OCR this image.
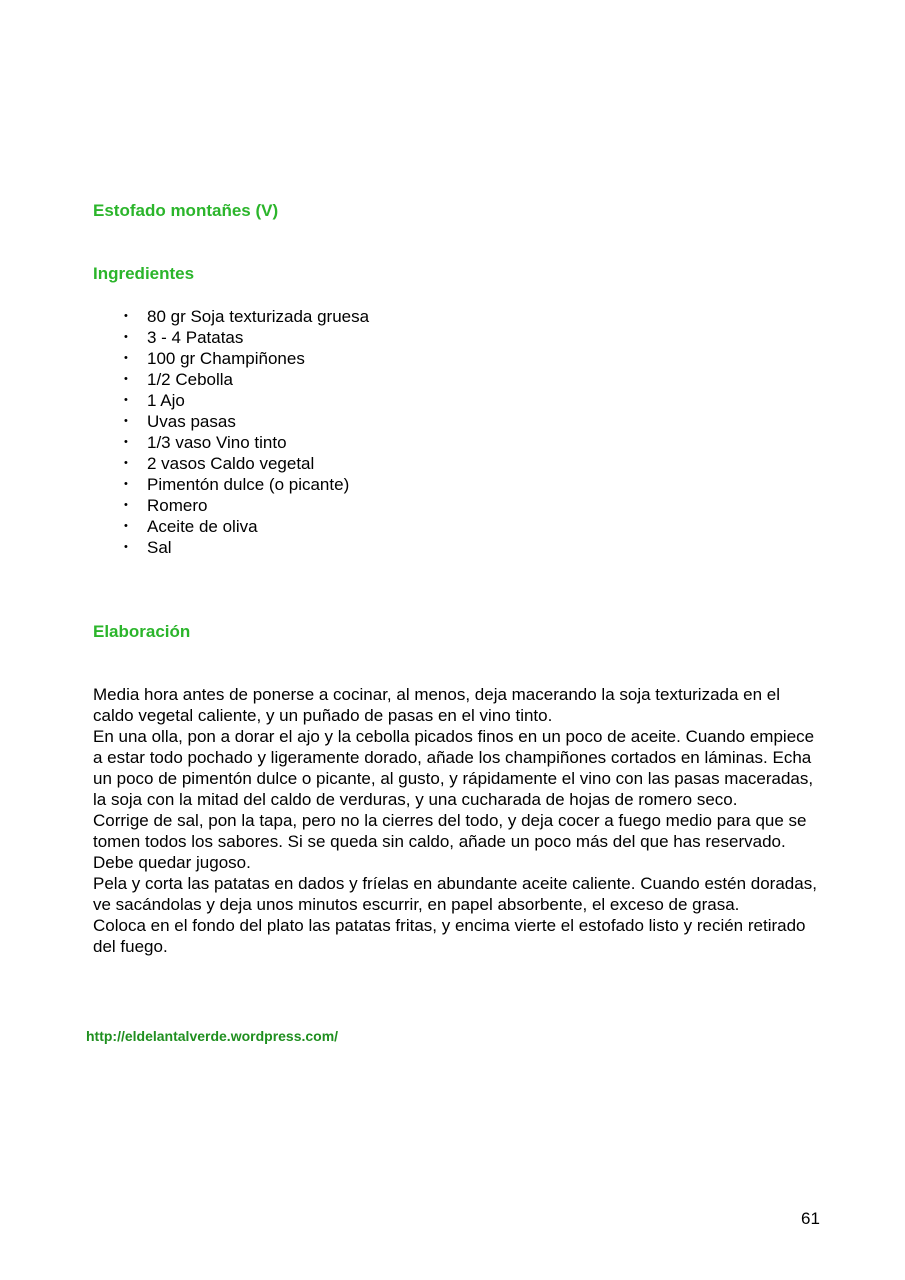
Estofado montañes (V)
Ingredientes
• 80 gr Soja texturizada gruesa
• 3 - 4 Patatas
• 100 gr Champiñones
• 1/2 Cebolla
• 1 Ajo
• Uvas pasas
• 1/3 vaso Vino tinto
• 2 vasos Caldo vegetal
• Pimentón dulce (o picante)
• Romero
• Aceite de oliva
• Sal
Elaboración

Media hora antes de ponerse a cocinar, al menos, deja macerando la soja texturizada en el caldo vegetal caliente, y un puñado de pasas en el vino tinto.

En una olla, pon a dorar el ajo y la cebolla picados finos en un poco de aceite. Cuando empiece a estar todo pochado y ligeramente dorado, añade los champiñones cortados en láminas. Echa un poco de pimentón dulce o picante, al gusto, y rápidamente el vino con las pasas maceradas, la soja con la mitad del caldo de verduras, y una cucharada de hojas de romero seco.

Corrige de sal, pon la tapa, pero no la cierres del todo, y deja cocer a fuego medio para que se tomen todos los sabores. Si se queda sin caldo, añade un poco más del que has reservado. Debe quedar jugoso.

Pela y corta las patatas en dados y fríelas en abundante aceite caliente. Cuando estén doradas, ve sacándolas y deja unos minutos escurrir, en papel absorbente, el exceso de grasa.

Coloca en el fondo del plato las patatas fritas, y encima vierte el estofado listo y recién retirado del fuego.

http://eldelantalverde.wordpress.com/
61
